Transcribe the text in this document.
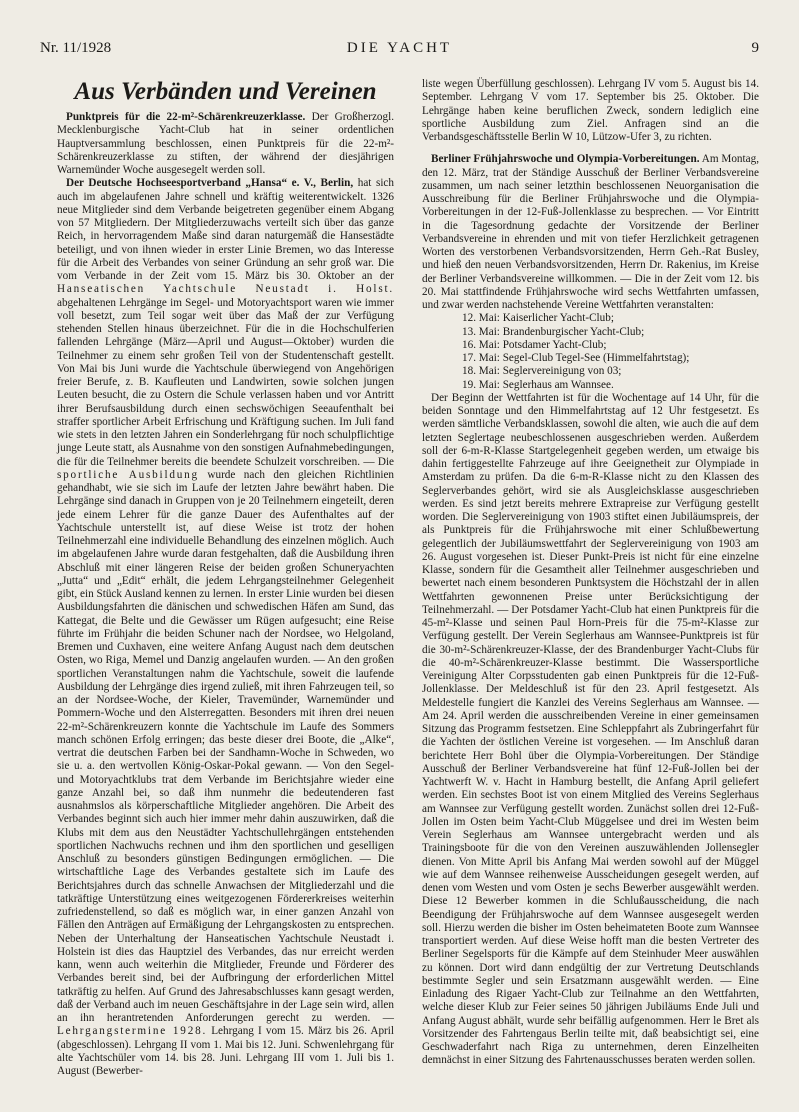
Nr. 11/1928	DIE YACHT	9
Aus Verbänden und Vereinen

Punktpreis für die 22-m²-Schärenkreuzerklasse. Der Großherzogl. Mecklenburgische Yacht-Club hat in seiner ordentlichen Hauptversammlung beschlossen, einen Punktpreis für die 22-m²-Schärenkreuzerklasse zu stiften, der während der diesjährigen Warnemünder Woche ausgesegelt werden soll.

Der Deutsche Hochseesportverband „Hansa“ e. V., Berlin, hat sich auch im abgelaufenen Jahre schnell und kräftig weiterentwickelt. 1326 neue Mitglieder sind dem Verbande beigetreten gegenüber einem Abgang von 57 Mitgliedern. Der Mitgliederzuwachs verteilt sich über das ganze Reich, in hervorragendem Maße sind daran naturgemäß die Hansestädte beteiligt, und von ihnen wieder in erster Linie Bremen, wo das Interesse für die Arbeit des Verbandes von seiner Gründung an sehr groß war. Die vom Verbande in der Zeit vom 15. März bis 30. Oktober an der Hanseatischen Yachtschule Neustadt i. Holst. abgehaltenen Lehrgänge im Segel- und Motoryachtsport waren wie immer voll besetzt, zum Teil sogar weit über das Maß der zur Verfügung stehenden Stellen hinaus überzeichnet. Für die in die Hochschulferien fallenden Lehrgänge (März—April und August—Oktober) wurden die Teilnehmer zu einem sehr großen Teil von der Studentenschaft gestellt. Von Mai bis Juni wurde die Yachtschule überwiegend von Angehörigen freier Berufe, z. B. Kaufleuten und Landwirten, sowie solchen jungen Leuten besucht, die zu Ostern die Schule verlassen haben und vor Antritt ihrer Berufsausbildung durch einen sechswöchigen Seeaufenthalt bei straffer sportlicher Arbeit Erfrischung und Kräftigung suchen. Im Juli fand wie stets in den letzten Jahren ein Sonderlehrgang für noch schulpflichtige junge Leute statt, als Ausnahme von den sonstigen Aufnahmebedingungen, die für die Teilnehmer bereits die beendete Schulzeit vorschreiben. — Die sportliche Ausbildung wurde nach den gleichen Richtlinien gehandhabt, wie sie sich im Laufe der letzten Jahre bewährt haben. Die Lehrgänge sind danach in Gruppen von je 20 Teilnehmern eingeteilt, deren jede einem Lehrer für die ganze Dauer des Aufenthaltes auf der Yachtschule unterstellt ist, auf diese Weise ist trotz der hohen Teilnehmerzahl eine individuelle Behandlung des einzelnen möglich. Auch im abgelaufenen Jahre wurde daran festgehalten, daß die Ausbildung ihren Abschluß mit einer längeren Reise der beiden großen Schuneryachten „Jutta“ und „Edit“ erhält, die jedem Lehrgangsteilnehmer Gelegenheit gibt, ein Stück Ausland kennen zu lernen. In erster Linie wurden bei diesen Ausbildungsfahrten die dänischen und schwedischen Häfen am Sund, das Kattegat, die Belte und die Gewässer um Rügen aufgesucht; eine Reise führte im Frühjahr die beiden Schuner nach der Nordsee, wo Helgoland, Bremen und Cuxhaven, eine weitere Anfang August nach dem deutschen Osten, wo Riga, Memel und Danzig angelaufen wurden. — An den großen sportlichen Veranstaltungen nahm die Yachtschule, soweit die laufende Ausbildung der Lehrgänge dies irgend zuließ, mit ihren Fahrzeugen teil, so an der Nordsee-Woche, der Kieler, Travemünder, Warnemünder und Pommern-Woche und den Alsterregatten. Besonders mit ihren drei neuen 22-m²-Schärenkreuzern konnte die Yachtschule im Laufe des Sommers manch schönen Erfolg erringen; das beste dieser drei Boote, die „Alke“, vertrat die deutschen Farben bei der Sandhamn-Woche in Schweden, wo sie u. a. den wertvollen König-Oskar-Pokal gewann. — Von den Segel- und Motoryachtklubs trat dem Verbande im Berichtsjahre wieder eine ganze Anzahl bei, so daß ihm nunmehr die bedeutenderen fast ausnahmslos als körperschaftliche Mitglieder angehören. Die Arbeit des Verbandes beginnt sich auch hier immer mehr dahin auszuwirken, daß die Klubs mit dem aus den Neustädter Yachtschullehrgängen entstehenden sportlichen Nachwuchs rechnen und ihm den sportlichen und geselligen Anschluß zu besonders günstigen Bedingungen ermöglichen. — Die wirtschaftliche Lage des Verbandes gestaltete sich im Laufe des Berichtsjahres durch das schnelle Anwachsen der Mitgliederzahl und die tatkräftige Unterstützung eines weitgezogenen Fördererkreises weiterhin zufriedenstellend, so daß es möglich war, in einer ganzen Anzahl von Fällen den Anträgen auf Ermäßigung der Lehrgangskosten zu entsprechen. Neben der Unterhaltung der Hanseatischen Yachtschule Neustadt i. Holstein ist dies das Hauptziel des Verbandes, das nur erreicht werden kann, wenn auch weiterhin die Mitglieder, Freunde und Förderer des Verbandes bereit sind, bei der Aufbringung der erforderlichen Mittel tatkräftig zu helfen. Auf Grund des Jahresabschlusses kann gesagt werden, daß der Verband auch im neuen Geschäftsjahre in der Lage sein wird, allen an ihn herantretenden Anforderungen gerecht zu werden. — Lehrgangstermine 1928. Lehrgang I vom 15. März bis 26. April (abgeschlossen). Lehrgang II vom 1. Mai bis 12. Juni. Schwenlehrgang für alte Yachtschüler vom 14. bis 28. Juni. Lehrgang III vom 1. Juli bis 1. August (Bewerber-

liste wegen Überfüllung geschlossen). Lehrgang IV vom 5. August bis 14. September. Lehrgang V vom 17. September bis 25. Oktober. Die Lehrgänge haben keine beruflichen Zweck, sondern lediglich eine sportliche Ausbildung zum Ziel. Anfragen sind an die Verbandsgeschäftsstelle Berlin W 10, Lützow-Ufer 3, zu richten.

Berliner Frühjahrswoche und Olympia-Vorbereitungen. Am Montag, den 12. März, trat der Ständige Ausschuß der Berliner Verbandsvereine zusammen, um nach seiner letzthin beschlossenen Neuorganisation die Ausschreibung für die Berliner Frühjahrswoche und die Olympia-Vorbereitungen in der 12-Fuß-Jollenklasse zu besprechen. — Vor Eintritt in die Tagesordnung gedachte der Vorsitzende der Berliner Verbandsvereine in ehrenden und mit von tiefer Herzlichkeit getragenen Worten des verstorbenen Verbandsvorsitzenden, Herrn Geh.-Rat Busley, und hieß den neuen Verbandsvorsitzenden, Herrn Dr. Rakenius, im Kreise der Berliner Verbandsvereine willkommen. — Die in der Zeit vom 12. bis 20. Mai stattfindende Frühjahrswoche wird sechs Wettfahrten umfassen, und zwar werden nachstehende Vereine Wettfahrten veranstalten:

12. Mai: Kaiserlicher Yacht-Club;
13. Mai: Brandenburgischer Yacht-Club;
16. Mai: Potsdamer Yacht-Club;
17. Mai: Segel-Club Tegel-See (Himmelfahrtstag);
18. Mai: Seglervereinigung von 03;
19. Mai: Seglerhaus am Wannsee.

Der Beginn der Wettfahrten ist für die Wochentage auf 14 Uhr, für die beiden Sonntage und den Himmelfahrtstag auf 12 Uhr festgesetzt. Es werden sämtliche Verbandsklassen, sowohl die alten, wie auch die auf dem letzten Seglertage neubeschlossenen ausgeschrieben werden. Außerdem soll der 6-m-R-Klasse Startgelegenheit gegeben werden, um etwaige bis dahin fertiggestellte Fahrzeuge auf ihre Geeignetheit zur Olympiade in Amsterdam zu prüfen. Da die 6-m-R-Klasse nicht zu den Klassen des Seglerverbandes gehört, wird sie als Ausgleichsklasse ausgeschrieben werden. Es sind jetzt bereits mehrere Extrapreise zur Verfügung gestellt worden. Die Seglervereinigung von 1903 stiftet einen Jubiläumspreis, der als Punktpreis für die Frühjahrswoche mit einer Schlußbewertung gelegentlich der Jubiläumswettfahrt der Seglervereinigung von 1903 am 26. August vorgesehen ist. Dieser Punkt-Preis ist nicht für eine einzelne Klasse, sondern für die Gesamtheit aller Teilnehmer ausgeschrieben und bewertet nach einem besonderen Punktsystem die Höchstzahl der in allen Wettfahrten gewonnenen Preise unter Berücksichtigung der Teilnehmerzahl. — Der Potsdamer Yacht-Club hat einen Punktpreis für die 45-m²-Klasse und seinen Paul Horn-Preis für die 75-m²-Klasse zur Verfügung gestellt. Der Verein Seglerhaus am Wannsee-Punktpreis ist für die 30-m²-Schärenkreuzer-Klasse, der des Brandenburger Yacht-Clubs für die 40-m²-Schärenkreuzer-Klasse bestimmt. Die Wassersportliche Vereinigung Alter Corpsstudenten gab einen Punktpreis für die 12-Fuß-Jollenklasse. Der Meldeschluß ist für den 23. April festgesetzt. Als Meldestelle fungiert die Kanzlei des Vereins Seglerhaus am Wannsee. — Am 24. April werden die ausschreibenden Vereine in einer gemeinsamen Sitzung das Programm festsetzen. Eine Schleppfahrt als Zubringerfahrt für die Yachten der östlichen Vereine ist vorgesehen. — Im Anschluß daran berichtete Herr Bohl über die Olympia-Vorbereitungen. Der Ständige Ausschuß der Berliner Verbandsvereine hat fünf 12-Fuß-Jollen bei der Yachtwerft W. v. Hacht in Hamburg bestellt, die Anfang April geliefert werden. Ein sechstes Boot ist von einem Mitglied des Vereins Seglerhaus am Wannsee zur Verfügung gestellt worden. Zunächst sollen drei 12-Fuß-Jollen im Osten beim Yacht-Club Müggelsee und drei im Westen beim Verein Seglerhaus am Wannsee untergebracht werden und als Trainingsboote für die von den Vereinen auszuwählenden Jollensegler dienen. Von Mitte April bis Anfang Mai werden sowohl auf der Müggel wie auf dem Wannsee reihenweise Ausscheidungen gesegelt werden, auf denen vom Westen und vom Osten je sechs Bewerber ausgewählt werden. Diese 12 Bewerber kommen in die Schlußausscheidung, die nach Beendigung der Frühjahrswoche auf dem Wannsee ausgesegelt werden soll. Hierzu werden die bisher im Osten beheimateten Boote zum Wannsee transportiert werden. Auf diese Weise hofft man die besten Vertreter des Berliner Segelsports für die Kämpfe auf dem Steinhuder Meer auswählen zu können. Dort wird dann endgültig der zur Vertretung Deutschlands bestimmte Segler und sein Ersatzmann ausgewählt werden. — Eine Einladung des Rigaer Yacht-Club zur Teilnahme an den Wettfahrten, welche dieser Klub zur Feier seines 50 jährigen Jubiläums Ende Juli und Anfang August abhält, wurde sehr beifällig aufgenommen. Herr le Bret als Vorsitzender des Fahrtengaus Berlin teilte mit, daß beabsichtigt sei, eine Geschwaderfahrt nach Riga zu unternehmen, deren Einzelheiten demnächst in einer Sitzung des Fahrtenausschusses beraten werden sollen.
